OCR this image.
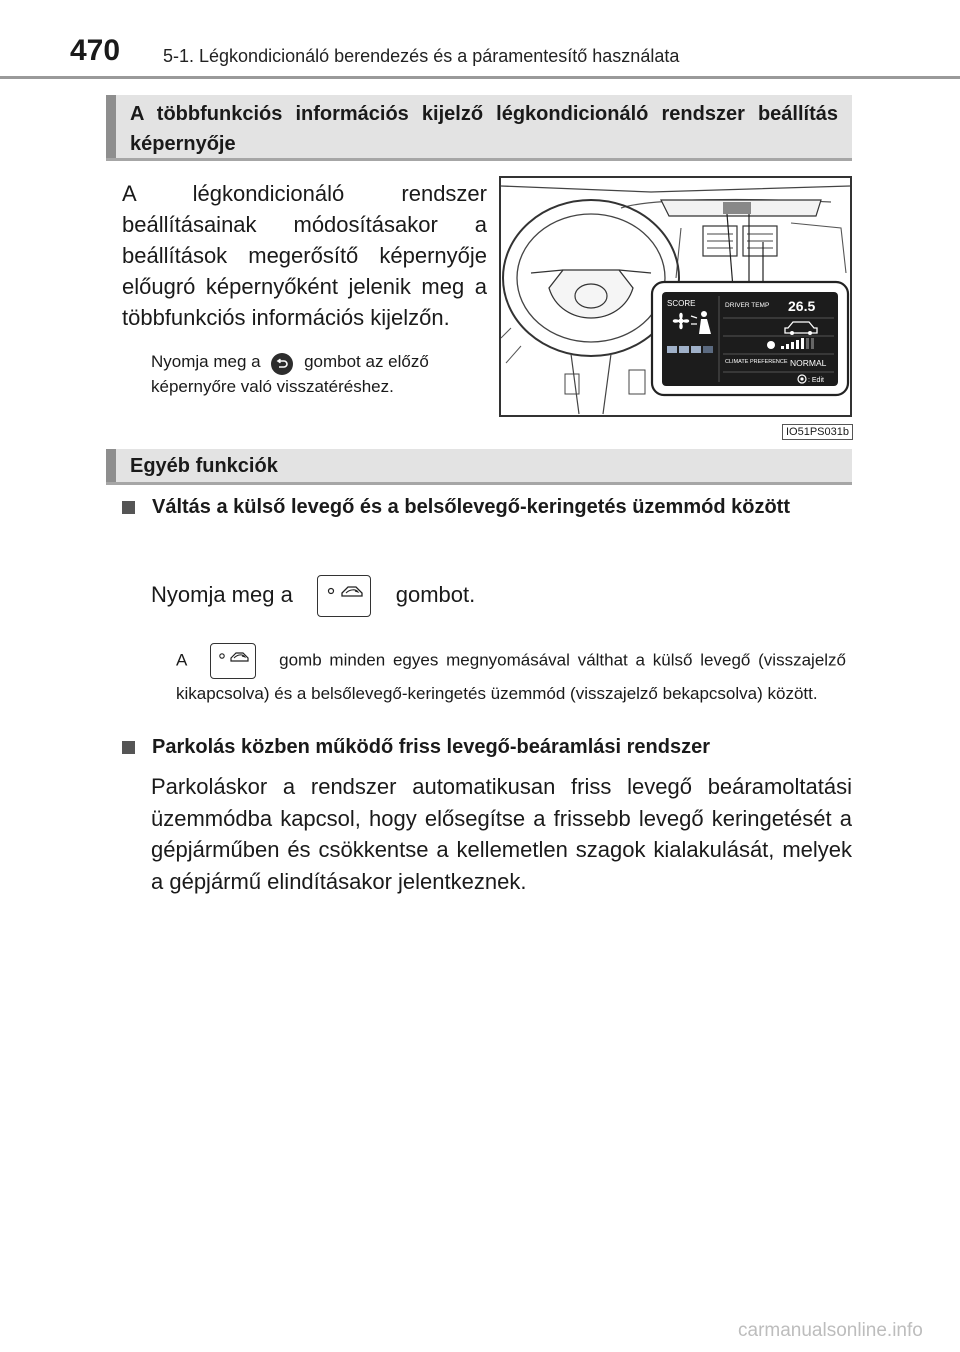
470 5-1. Légkondicionáló berendezés és a páramentesítő használata
A többfunkciós információs kijelző légkondicionáló rendszer beállítás képernyője
A légkondicionáló rendszer beállításainak módosításakor a beállítások megerősítő képernyője előugró képernyőként jelenik meg a többfunkciós információs kijelzőn.
Nyomja meg a	gombot az előző képernyőre való visszatéréshez.
SCORE	DRIVER TEMP 26.5
CLIMATE PREFERENCE NORMAL
: Edit
IO51PS031b
Egyéb funkciók
Váltás a külső levegő és a belsőlevegő-keringetés üzemmód között
Nyomja meg a	gombot.
A	gomb minden egyes megnyomásával válthat a külső levegő (visszajelző kikapcsolva) és a belsőlevegő-keringetés üzemmód (visszajelző bekapcsolva) között.
Parkolás közben működő friss levegő-beáramlási rendszer
Parkoláskor a rendszer automatikusan friss levegő beáramoltatási üzemmódba kapcsol, hogy elősegítse a frissebb levegő keringetését a gépjárműben és csökkentse a kellemetlen szagok kialakulását, melyek a gépjármű elindításakor jelentkeznek.
carmanualsonline.info
